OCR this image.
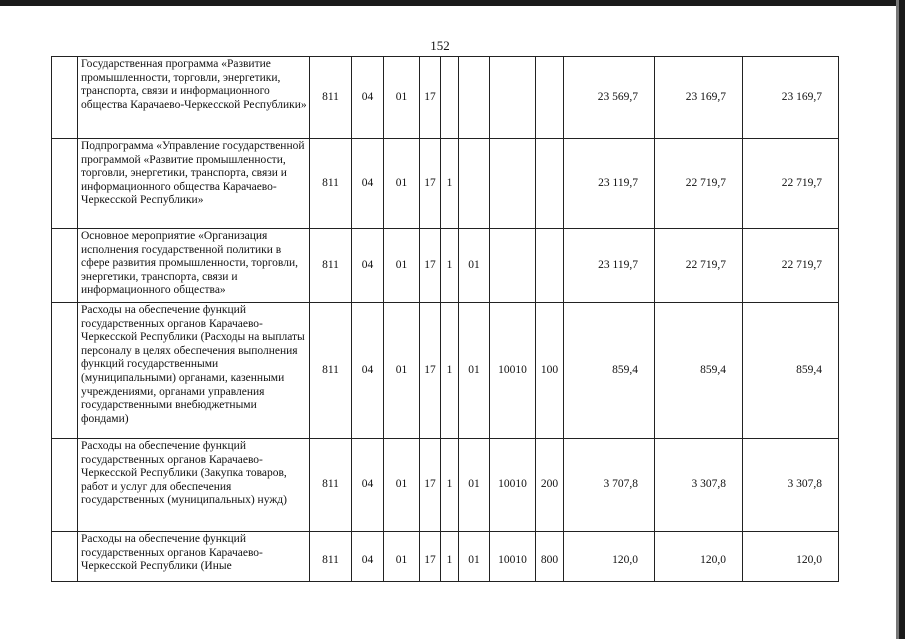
152
	Государственная программа «Развитие промышленности, торговли, энергетики, транспорта, связи и информационного общества Карачаево-Черкесской Республики»	811	04	01	17					23 569,7	23 169,7	23 169,7
	Подпрограмма «Управление государственной программой «Развитие промышленности, торговли, энергетики, транспорта, связи и информационного общества Карачаево-Черкесской Республики»	811	04	01	17	1				23 119,7	22 719,7	22 719,7
	Основное мероприятие «Организация исполнения государственной политики в сфере развития промышленности, торговли, энергетики, транспорта, связи и информационного общества»	811	04	01	17	1	01			23 119,7	22 719,7	22 719,7
	Расходы на обеспечение функций государственных органов Карачаево-Черкесской Республики (Расходы на выплаты персоналу в целях обеспечения выполнения функций государственными (муниципальными) органами, казенными учреждениями, органами управления государственными внебюджетными фондами)	811	04	01	17	1	01	10010	100	859,4	859,4	859,4
	Расходы на обеспечение функций государственных органов Карачаево-Черкесской Республики (Закупка товаров, работ и услуг для обеспечения государственных (муниципальных) нужд)	811	04	01	17	1	01	10010	200	3 707,8	3 307,8	3 307,8
	Расходы на обеспечение функций государственных органов Карачаево-Черкесской Республики (Иные	811	04	01	17	1	01	10010	800	120,0	120,0	120,0
